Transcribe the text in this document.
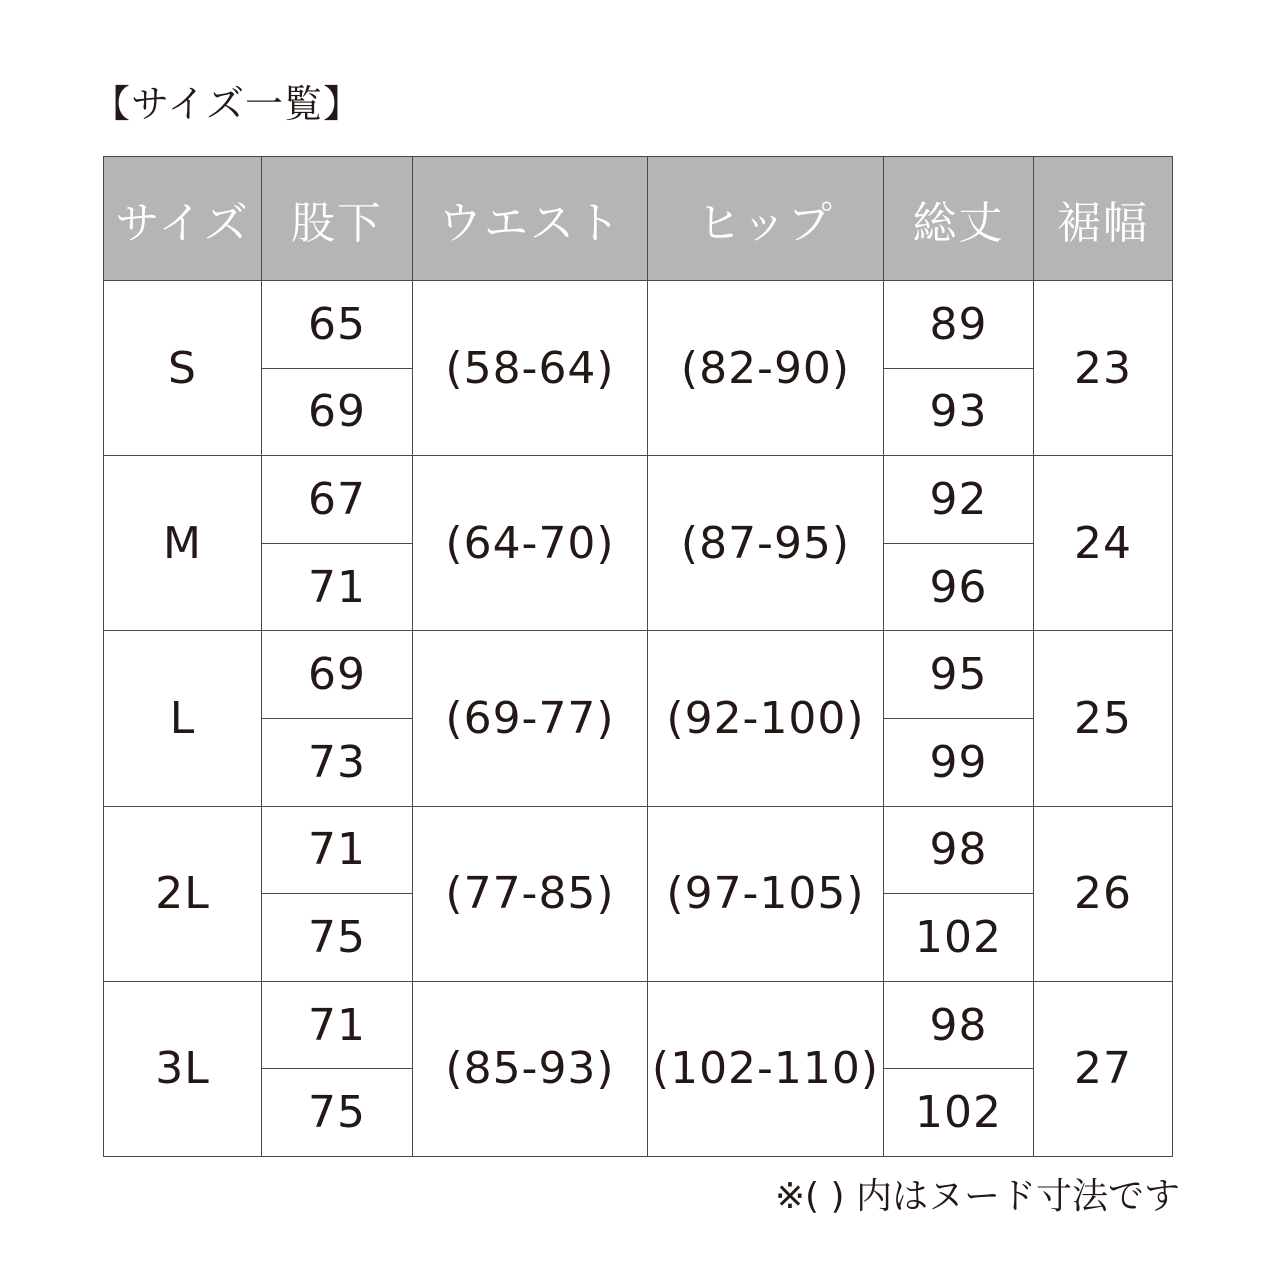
【サイズ一覧】
サイズ	股下	ウエスト	ヒップ	総丈	裾幅
S	65	(58-64)	(82-90)	89	23
	69			93	
M	67	(64-70)	(87-95)	92	24
	71			96	
L	69	(69-77)	(92-100)	95	25
	73			99	
2L	71	(77-85)	(97-105)	98	26
	75			102	
3L	71	(85-93)	(102-110)	98	27
	75			102	
※( ) 内はヌード寸法です
